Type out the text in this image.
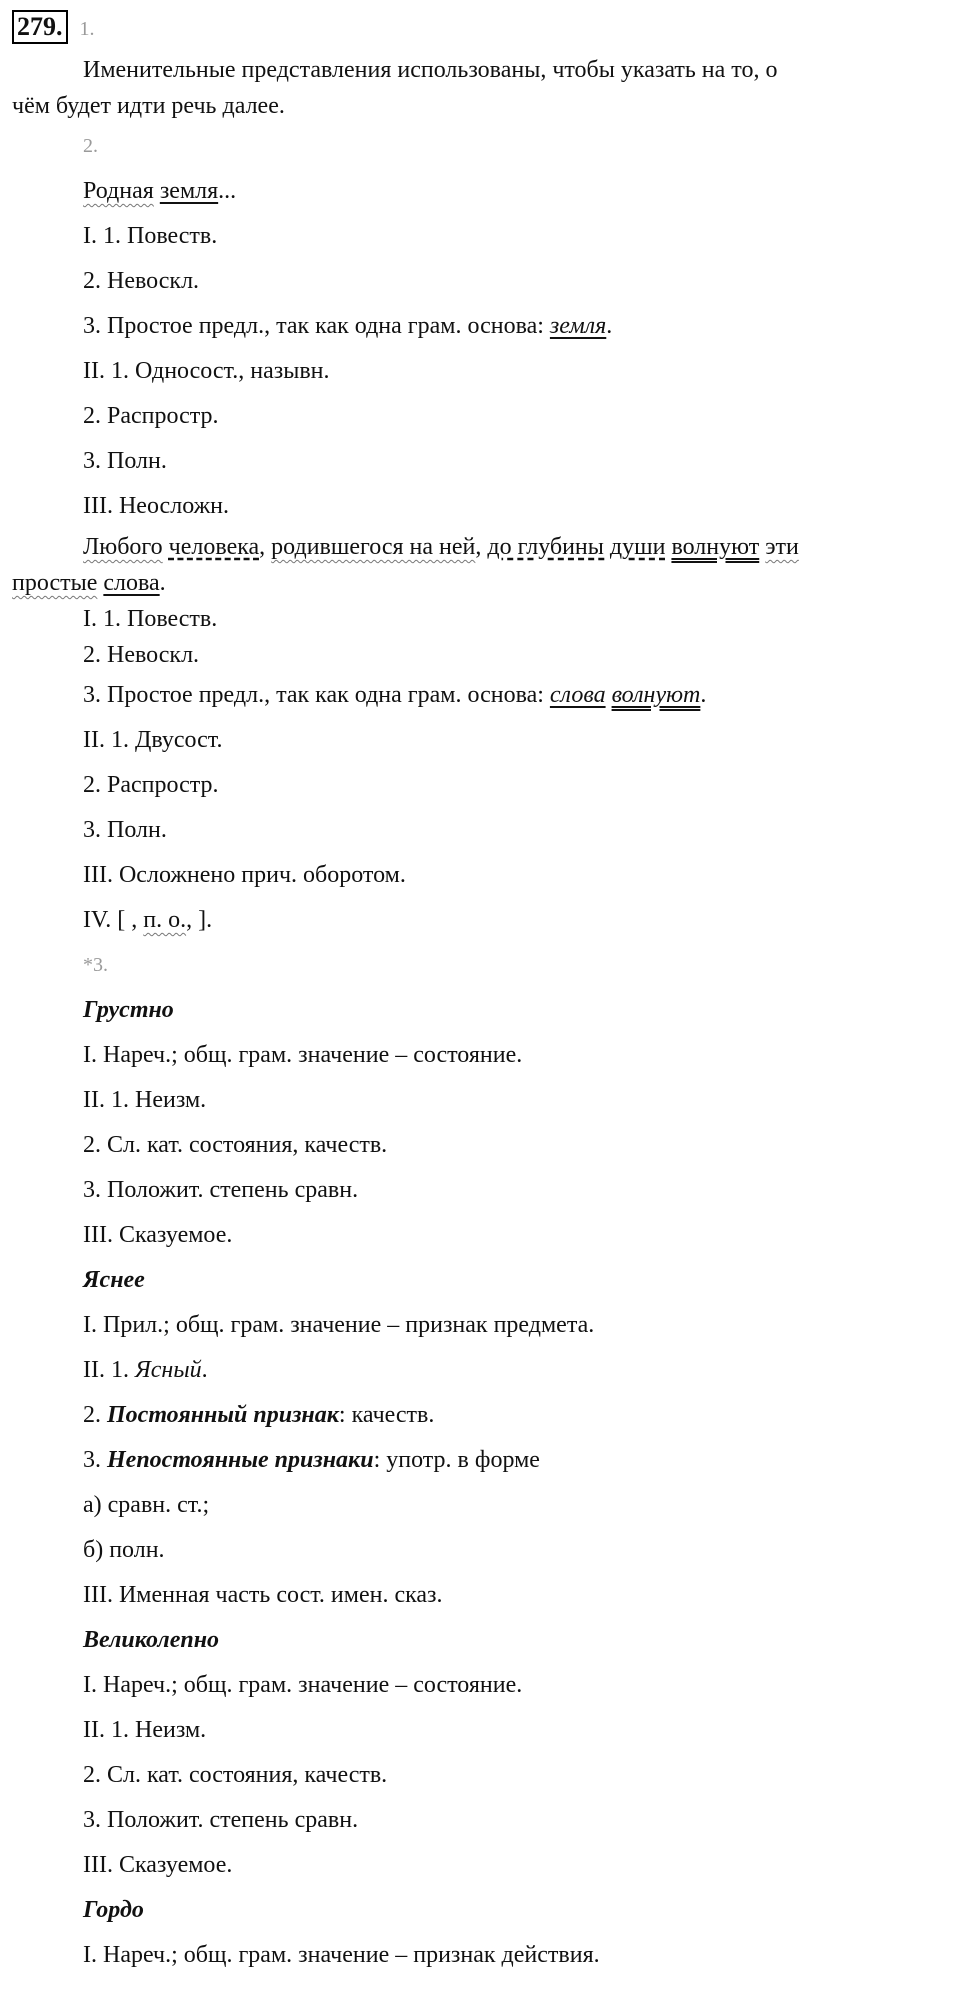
279. 1.

Именительные представления использованы, чтобы указать на то, о

чём будет идти речь далее.

2.

Родная земля...

I. 1. Повеств.

2. Невоскл.

3. Простое предл., так как одна грам. основа: земля.

II. 1. Односост., назывн.

2. Распростр.

3. Полн.

III. Неосложн.

Любого человека, родившегося на ней, до глубины души волнуют эти

простые слова.

I. 1. Повеств.

2. Невоскл.

3. Простое предл., так как одна грам. основа: слова волнуют.

II. 1. Двусост.

2. Распростр.

3. Полн.

III. Осложнено прич. оборотом.

IV. [ , п. о., ].

*3.

Грустно

I. Нареч.; общ. грам. значение – состояние.

II. 1. Неизм.

2. Сл. кат. состояния, качеств.

3. Положит. степень сравн.

III. Сказуемое.

Яснее

I. Прил.; общ. грам. значение – признак предмета.

II. 1. Ясный.

2. Постоянный признак: качеств.

3. Непостоянные признаки: употр. в форме

а) сравн. ст.;

б) полн.

III. Именная часть сост. имен. сказ.

Великолепно

I. Нареч.; общ. грам. значение – состояние.

II. 1. Неизм.

2. Сл. кат. состояния, качеств.

3. Положит. степень сравн.

III. Сказуемое.

Гордо

I. Нареч.; общ. грам. значение – признак действия.
